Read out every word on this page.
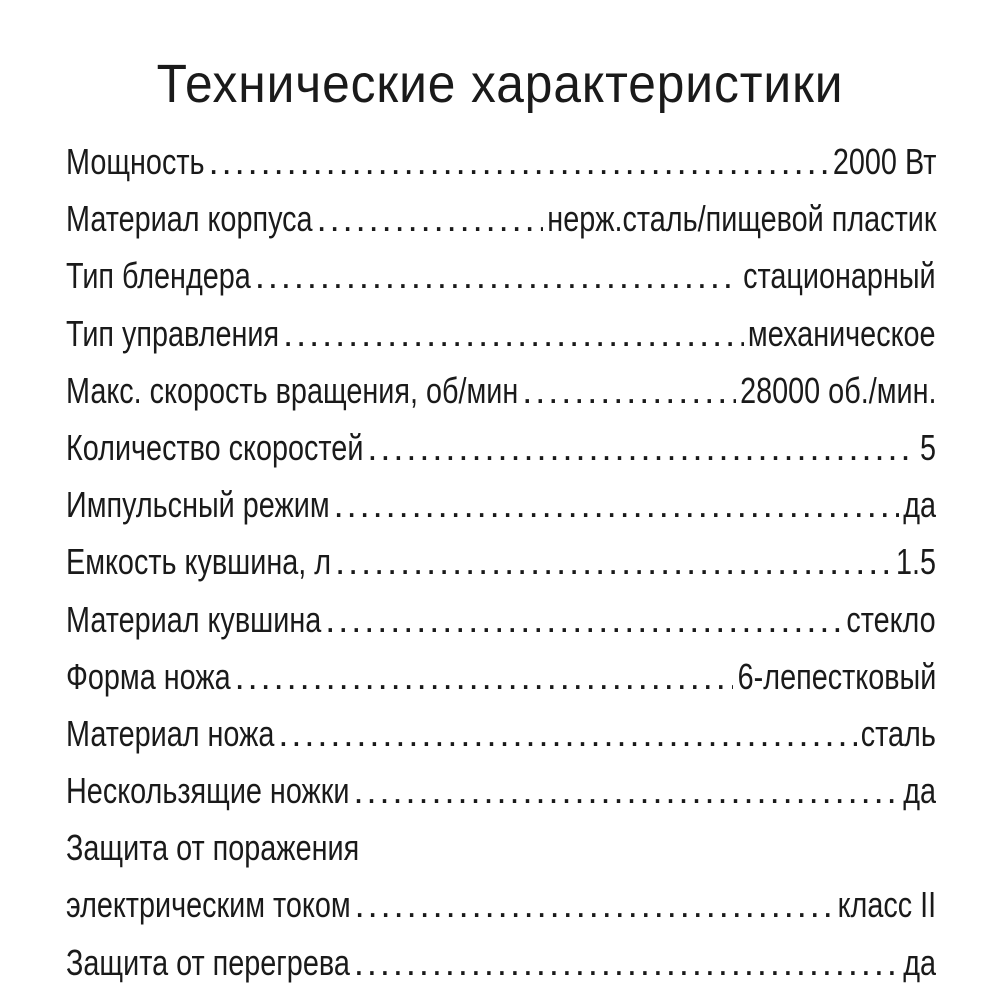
Технические характеристики
Мощность .....	2000 Вт
Материал корпуса .....	нерж.сталь/пищевой пластик
Тип блендера .....	стационарный
Тип управления .....	механическое
Макс. скорость вращения, об/мин .....	28000 об./мин.
Количество скоростей .....	5
Импульсный режим .....	да
Емкость кувшина, л .....	1.5
Материал кувшина .....	стекло
Форма ножа .....	6-лепестковый
Материал ножа .....	сталь
Нескользящие ножки .....	да
Защита от поражения
электрическим током .....	класс II
Защита от перегрева .....	да
